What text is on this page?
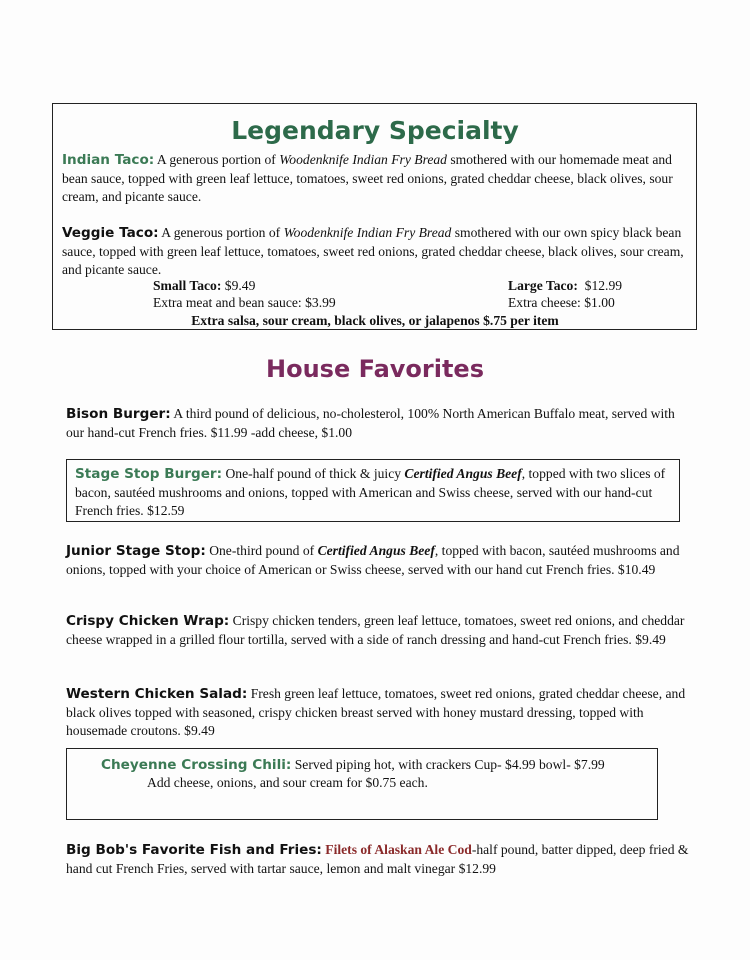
Legendary Specialty
Indian Taco: A generous portion of Woodenknife Indian Fry Bread smothered with our homemade meat and bean sauce, topped with green leaf lettuce, tomatoes, sweet red onions, grated cheddar cheese, black olives, sour cream, and picante sauce.
Veggie Taco: A generous portion of Woodenknife Indian Fry Bread smothered with our own spicy black bean sauce, topped with green leaf lettuce, tomatoes, sweet red onions, grated cheddar cheese, black olives, sour cream, and picante sauce.
Small Taco: $9.49	Large Taco:  $12.99
Extra meat and bean sauce: $3.99	Extra cheese: $1.00
Extra salsa, sour cream, black olives, or jalapenos $.75 per item
House Favorites
Bison Burger: A third pound of delicious, no-cholesterol, 100% North American Buffalo meat, served with our hand-cut French fries. $11.99 -add cheese, $1.00
Stage Stop Burger: One-half pound of thick & juicy Certified Angus Beef, topped with two slices of bacon, sautéed mushrooms and onions, topped with American and Swiss cheese, served with our hand-cut French fries. $12.59
Junior Stage Stop: One-third pound of Certified Angus Beef, topped with bacon, sautéed mushrooms and onions, topped with your choice of American or Swiss cheese, served with our hand cut French fries. $10.49
Crispy Chicken Wrap: Crispy chicken tenders, green leaf lettuce, tomatoes, sweet red onions, and cheddar cheese wrapped in a grilled flour tortilla, served with a side of ranch dressing and hand-cut French fries. $9.49
Western Chicken Salad: Fresh green leaf lettuce, tomatoes, sweet red onions, grated cheddar cheese, and black olives topped with seasoned, crispy chicken breast served with honey mustard dressing, topped with housemade croutons. $9.49
Cheyenne Crossing Chili: Served piping hot, with crackers Cup- $4.99 bowl- $7.99
Add cheese, onions, and sour cream for $0.75 each.
Big Bob's Favorite Fish and Fries: Filets of Alaskan Ale Cod-half pound, batter dipped, deep fried & hand cut French Fries, served with tartar sauce, lemon and malt vinegar $12.99
